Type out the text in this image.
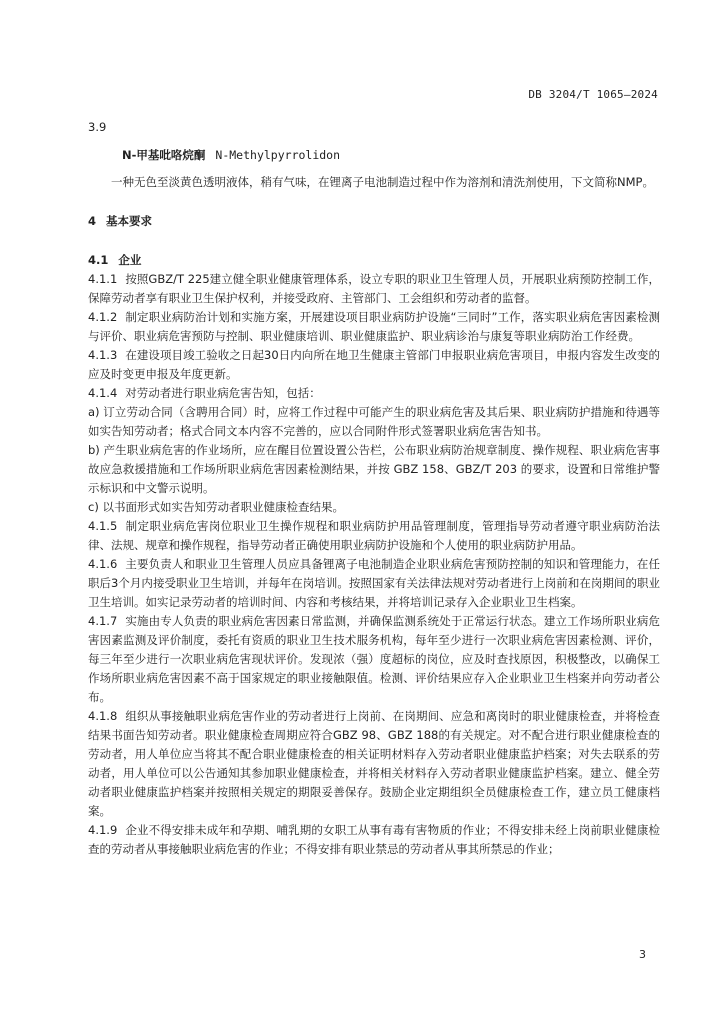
DB 3204/T 1065—2024

3.9

N-甲基吡咯烷酮 N-Methylpyrrolidon

一种无色至淡黄色透明液体，稍有气味，在锂离子电池制造过程中作为溶剂和清洗剂使用，下文简称NMP。

4 基本要求

4.1 企业

4.1.1 按照GBZ/T 225建立健全职业健康管理体系，设立专职的职业卫生管理人员，开展职业病预防控制工作，保障劳动者享有职业卫生保护权利，并接受政府、主管部门、工会组织和劳动者的监督。

4.1.2 制定职业病防治计划和实施方案，开展建设项目职业病防护设施“三同时”工作，落实职业病危害因素检测与评价、职业病危害预防与控制、职业健康培训、职业健康监护、职业病诊治与康复等职业病防治工作经费。

4.1.3 在建设项目竣工验收之日起30日内向所在地卫生健康主管部门申报职业病危害项目，申报内容发生改变的应及时变更申报及年度更新。

4.1.4 对劳动者进行职业病危害告知，包括：

a) 订立劳动合同（含聘用合同）时，应将工作过程中可能产生的职业病危害及其后果、职业病防护措施和待遇等如实告知劳动者；格式合同文本内容不完善的，应以合同附件形式签署职业病危害告知书。

b) 产生职业病危害的作业场所，应在醒目位置设置公告栏，公布职业病防治规章制度、操作规程、职业病危害事故应急救援措施和工作场所职业病危害因素检测结果，并按 GBZ 158、GBZ/T 203 的要求，设置和日常维护警示标识和中文警示说明。

c) 以书面形式如实告知劳动者职业健康检查结果。

4.1.5 制定职业病危害岗位职业卫生操作规程和职业病防护用品管理制度，管理指导劳动者遵守职业病防治法律、法规、规章和操作规程，指导劳动者正确使用职业病防护设施和个人使用的职业病防护用品。

4.1.6 主要负责人和职业卫生管理人员应具备锂离子电池制造企业职业病危害预防控制的知识和管理能力，在任职后3个月内接受职业卫生培训，并每年在岗培训。按照国家有关法律法规对劳动者进行上岗前和在岗期间的职业卫生培训。如实记录劳动者的培训时间、内容和考核结果，并将培训记录存入企业职业卫生档案。

4.1.7 实施由专人负责的职业病危害因素日常监测，并确保监测系统处于正常运行状态。建立工作场所职业病危害因素监测及评价制度，委托有资质的职业卫生技术服务机构，每年至少进行一次职业病危害因素检测、评价，每三年至少进行一次职业病危害现状评价。发现浓（强）度超标的岗位，应及时查找原因，积极整改，以确保工作场所职业病危害因素不高于国家规定的职业接触限值。检测、评价结果应存入企业职业卫生档案并向劳动者公布。

4.1.8 组织从事接触职业病危害作业的劳动者进行上岗前、在岗期间、应急和离岗时的职业健康检查，并将检查结果书面告知劳动者。职业健康检查周期应符合GBZ 98、GBZ 188的有关规定。对不配合进行职业健康检查的劳动者，用人单位应当将其不配合职业健康检查的相关证明材料存入劳动者职业健康监护档案；对失去联系的劳动者，用人单位可以公告通知其参加职业健康检查，并将相关材料存入劳动者职业健康监护档案。建立、健全劳动者职业健康监护档案并按照相关规定的期限妥善保存。鼓励企业定期组织全员健康检查工作，建立员工健康档案。

4.1.9 企业不得安排未成年和孕期、哺乳期的女职工从事有毒有害物质的作业；不得安排未经上岗前职业健康检查的劳动者从事接触职业病危害的作业；不得安排有职业禁忌的劳动者从事其所禁忌的作业；

3
